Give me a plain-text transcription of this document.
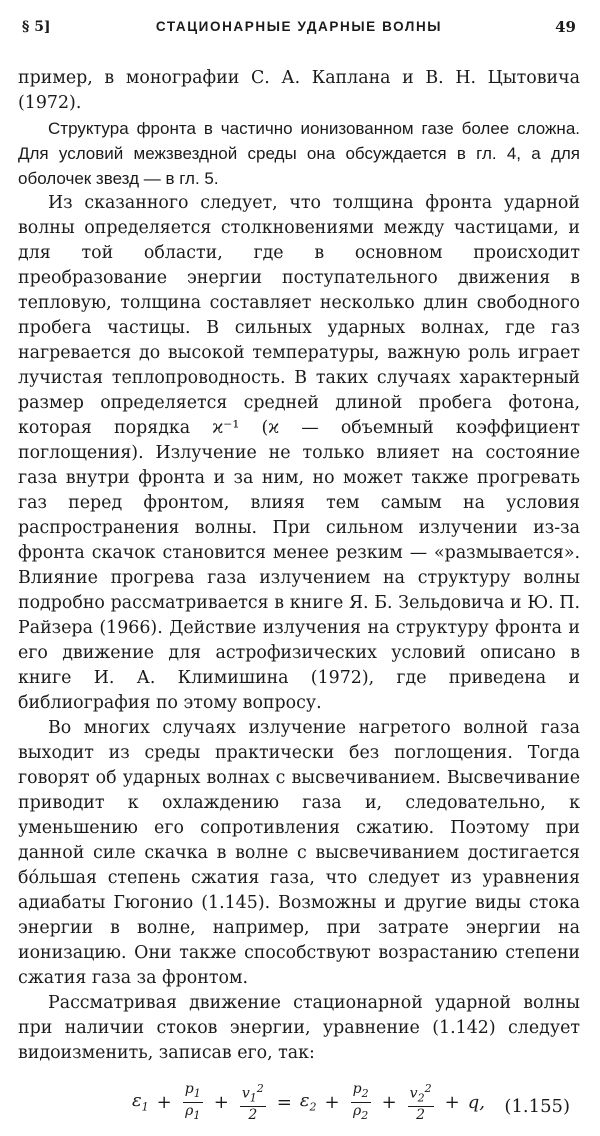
§ 5]	СТАЦИОНАРНЫЕ УДАРНЫЕ ВОЛНЫ	49

пример, в монографии С. А. Каплана и В. Н. Цытовича (1972).

Структура фронта в частично ионизованном газе более сложна. Для условий межзвездной среды она обсуждается в гл. 4, а для оболочек звезд — в гл. 5.

Из сказанного следует, что толщина фронта ударной волны определяется столкновениями между частицами, и для той области, где в основном происходит преобразование энергии поступательного движения в тепловую, толщина составляет несколько длин свободного пробега частицы. В сильных ударных волнах, где газ нагревается до высокой температуры, важную роль играет лучистая теплопроводность. В таких случаях характерный размер определяется средней длиной пробега фотона, которая порядка ϰ⁻¹ (ϰ — объемный коэффициент поглощения). Излучение не только влияет на состояние газа внутри фронта и за ним, но может также прогревать газ перед фронтом, влияя тем самым на условия распространения волны. При сильном излучении из-за фронта скачок становится менее резким — «размывается». Влияние прогрева газа излучением на структуру волны подробно рассматривается в книге Я. Б. Зельдовича и Ю. П. Райзера (1966). Действие излучения на структуру фронта и его движение для астрофизических условий описано в книге И. А. Климишина (1972), где приведена и библиография по этому вопросу.

Во многих случаях излучение нагретого волной газа выходит из среды практически без поглощения. Тогда говорят об ударных волнах с высвечиванием. Высвечивание приводит к охлаждению газа и, следовательно, к уменьшению его сопротивления сжатию. Поэтому при данной силе скачка в волне с высвечиванием достигается бóльшая степень сжатия газа, что следует из уравнения адиабаты Гюгонио (1.145). Возможны и другие виды стока энергии в волне, например, при затрате энергии на ионизацию. Они также способствуют возрастанию степени сжатия газа за фронтом.

Рассматривая движение стационарной ударной волны при наличии стоков энергии, уравнение (1.142) следует видоизменить, записав его, так:

$\varepsilon_1 + \frac{p_1}{\rho_1} + \frac{v_1^2}{2} = \varepsilon_2 + \frac{p_2}{\rho_2} + \frac{v_2^2}{2} + q$, (1.155)
